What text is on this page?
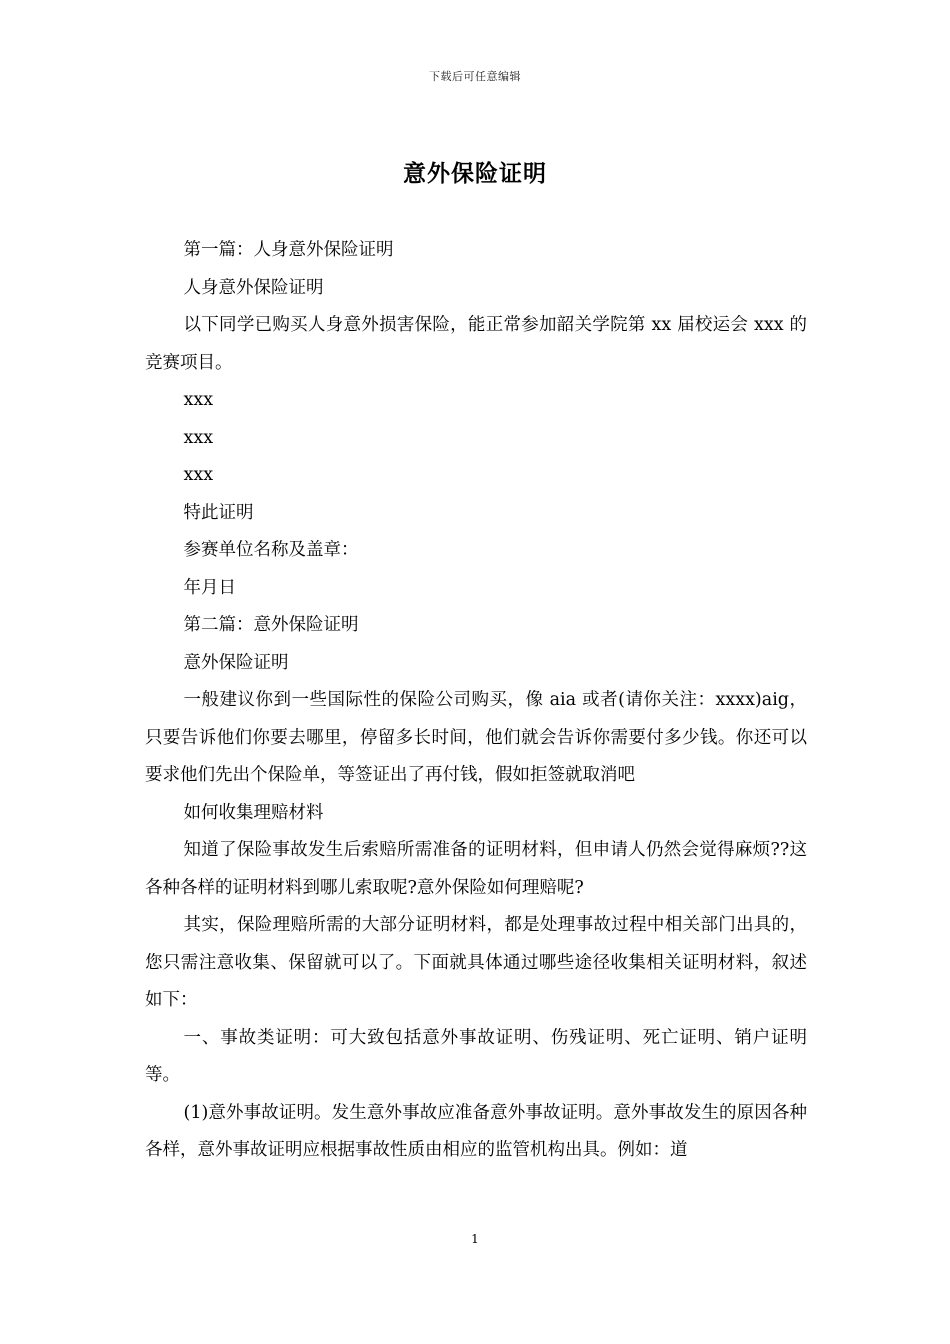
下载后可任意编辑
意外保险证明

第一篇：人身意外保险证明

人身意外保险证明

以下同学已购买人身意外损害保险，能正常参加韶关学院第 xx 届校运会 xxx 的竞赛项目。

xxx

xxx

xxx

特此证明

参赛单位名称及盖章：

年月日

第二篇：意外保险证明

意外保险证明

一般建议你到一些国际性的保险公司购买，像 aia 或者(请你关注：xxxx)aig，只要告诉他们你要去哪里，停留多长时间，他们就会告诉你需要付多少钱。你还可以要求他们先出个保险单，等签证出了再付钱，假如拒签就取消吧

如何收集理赔材料

知道了保险事故发生后索赔所需准备的证明材料，但申请人仍然会觉得麻烦??这各种各样的证明材料到哪儿索取呢?意外保险如何理赔呢?

其实，保险理赔所需的大部分证明材料，都是处理事故过程中相关部门出具的，您只需注意收集、保留就可以了。下面就具体通过哪些途径收集相关证明材料，叙述如下：

一、事故类证明：可大致包括意外事故证明、伤残证明、死亡证明、销户证明等。

(1)意外事故证明。发生意外事故应准备意外事故证明。意外事故发生的原因各种各样，意外事故证明应根据事故性质由相应的监管机构出具。例如：道

1
